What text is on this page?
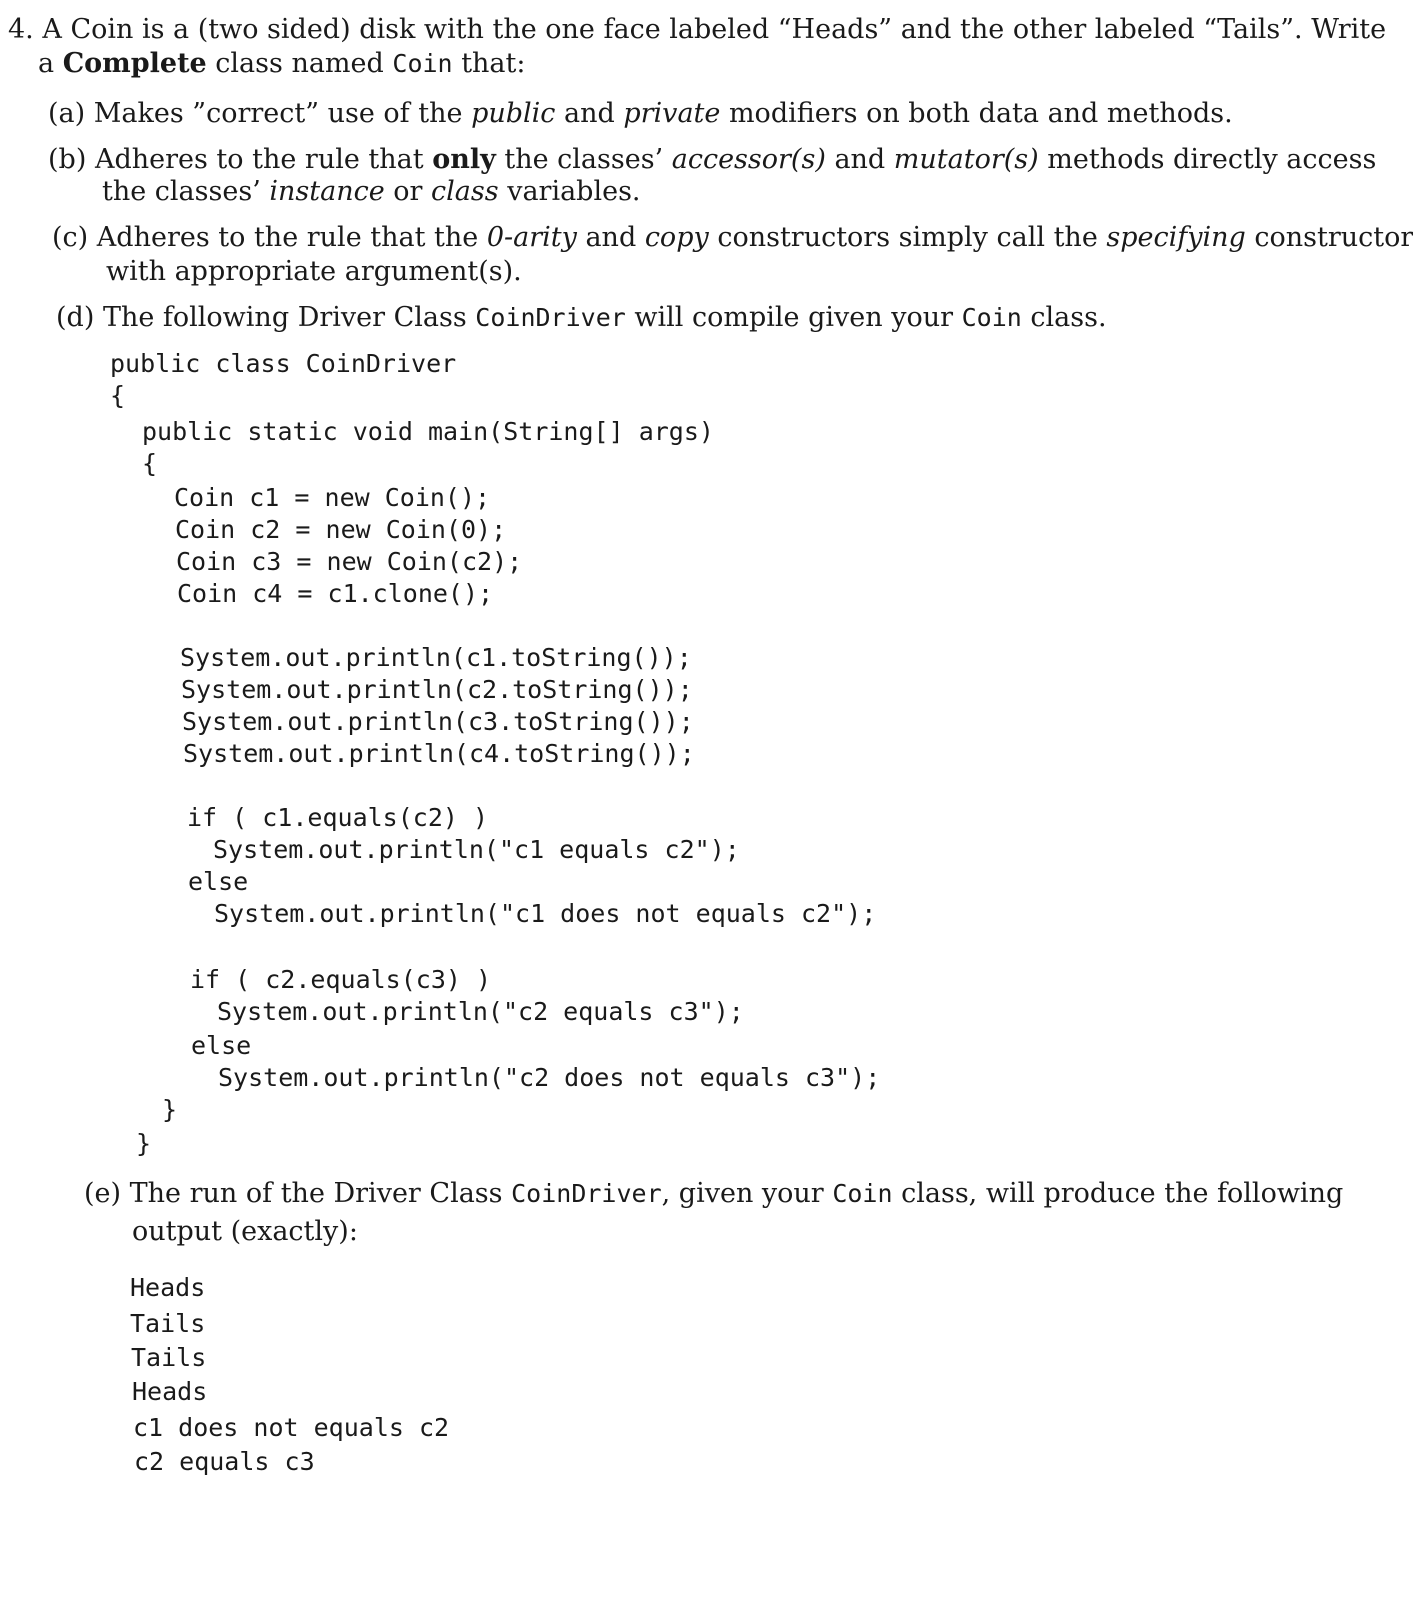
4. A Coin is a (two sided) disk with the one face labeled “Heads” and the other labeled “Tails”. Write
a Complete class named Coin that:
(a) Makes ”correct” use of the public and private modifiers on both data and methods.
(b) Adheres to the rule that only the classes’ accessor(s) and mutator(s) methods directly access
the classes’ instance or class variables.
(c) Adheres to the rule that the 0-arity and copy constructors simply call the specifying constructor
with appropriate argument(s).
(d) The following Driver Class CoinDriver will compile given your Coin class.
public class CoinDriver
{
public static void main(String[] args)
{
Coin c1 = new Coin();
Coin c2 = new Coin(0);
Coin c3 = new Coin(c2);
Coin c4 = c1.clone();
System.out.println(c1.toString());
System.out.println(c2.toString());
System.out.println(c3.toString());
System.out.println(c4.toString());
if ( c1.equals(c2) )
System.out.println("c1 equals c2");
else
System.out.println("c1 does not equals c2");
if ( c2.equals(c3) )
System.out.println("c2 equals c3");
else
System.out.println("c2 does not equals c3");
}
}
(e) The run of the Driver Class CoinDriver, given your Coin class, will produce the following
output (exactly):
Heads
Tails
Tails
Heads
c1 does not equals c2
c2 equals c3
